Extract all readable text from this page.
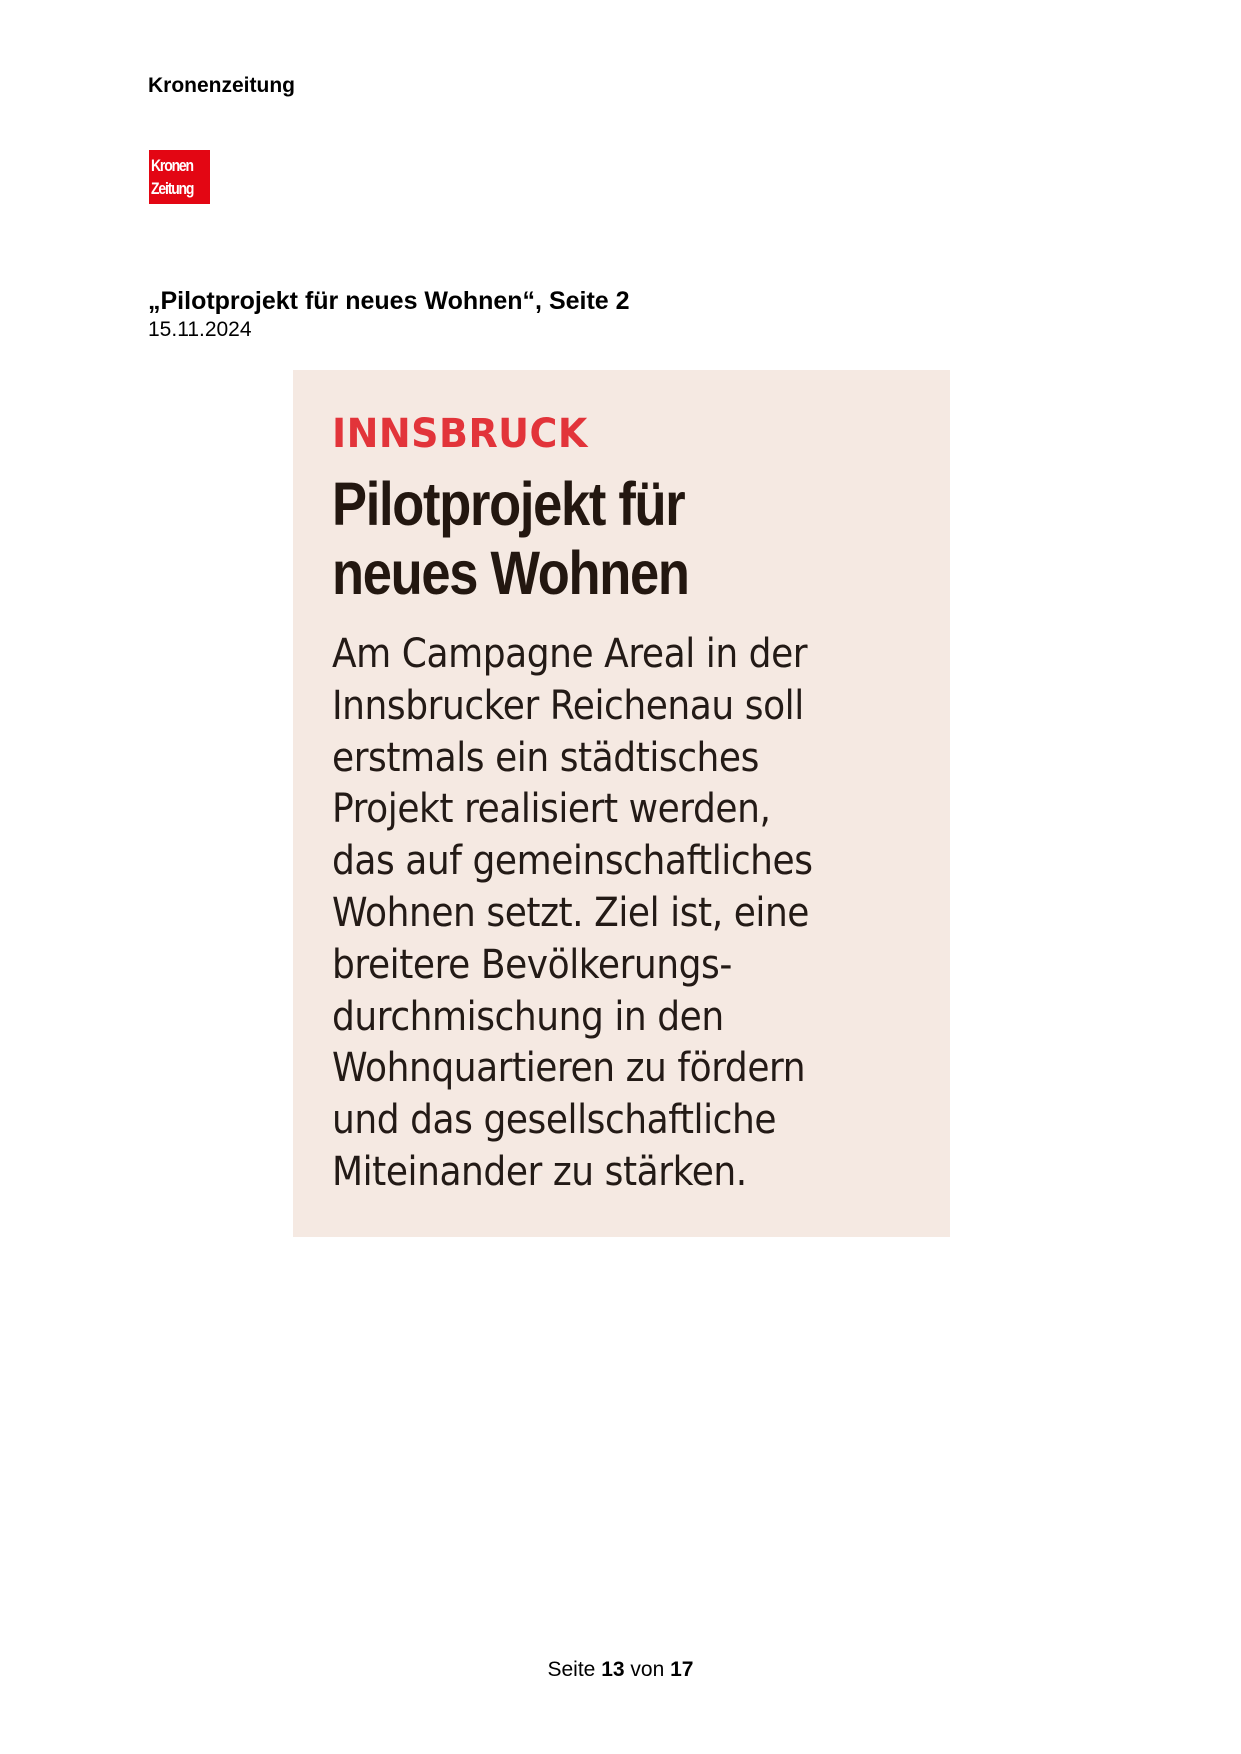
Kronenzeitung
Kronen
Zeitung
„Pilotprojekt für neues Wohnen“, Seite 2
15.11.2024
INNSBRUCK
Pilotprojekt für
neues Wohnen
Am Campagne Areal in der
Innsbrucker Reichenau soll
erstmals ein städtisches
Projekt realisiert werden,
das auf gemeinschaftliches
Wohnen setzt. Ziel ist, eine
breitere Bevölkerungs-
durchmischung in den
Wohnquartieren zu fördern
und das gesellschaftliche
Miteinander zu stärken.
Seite 13 von 17
